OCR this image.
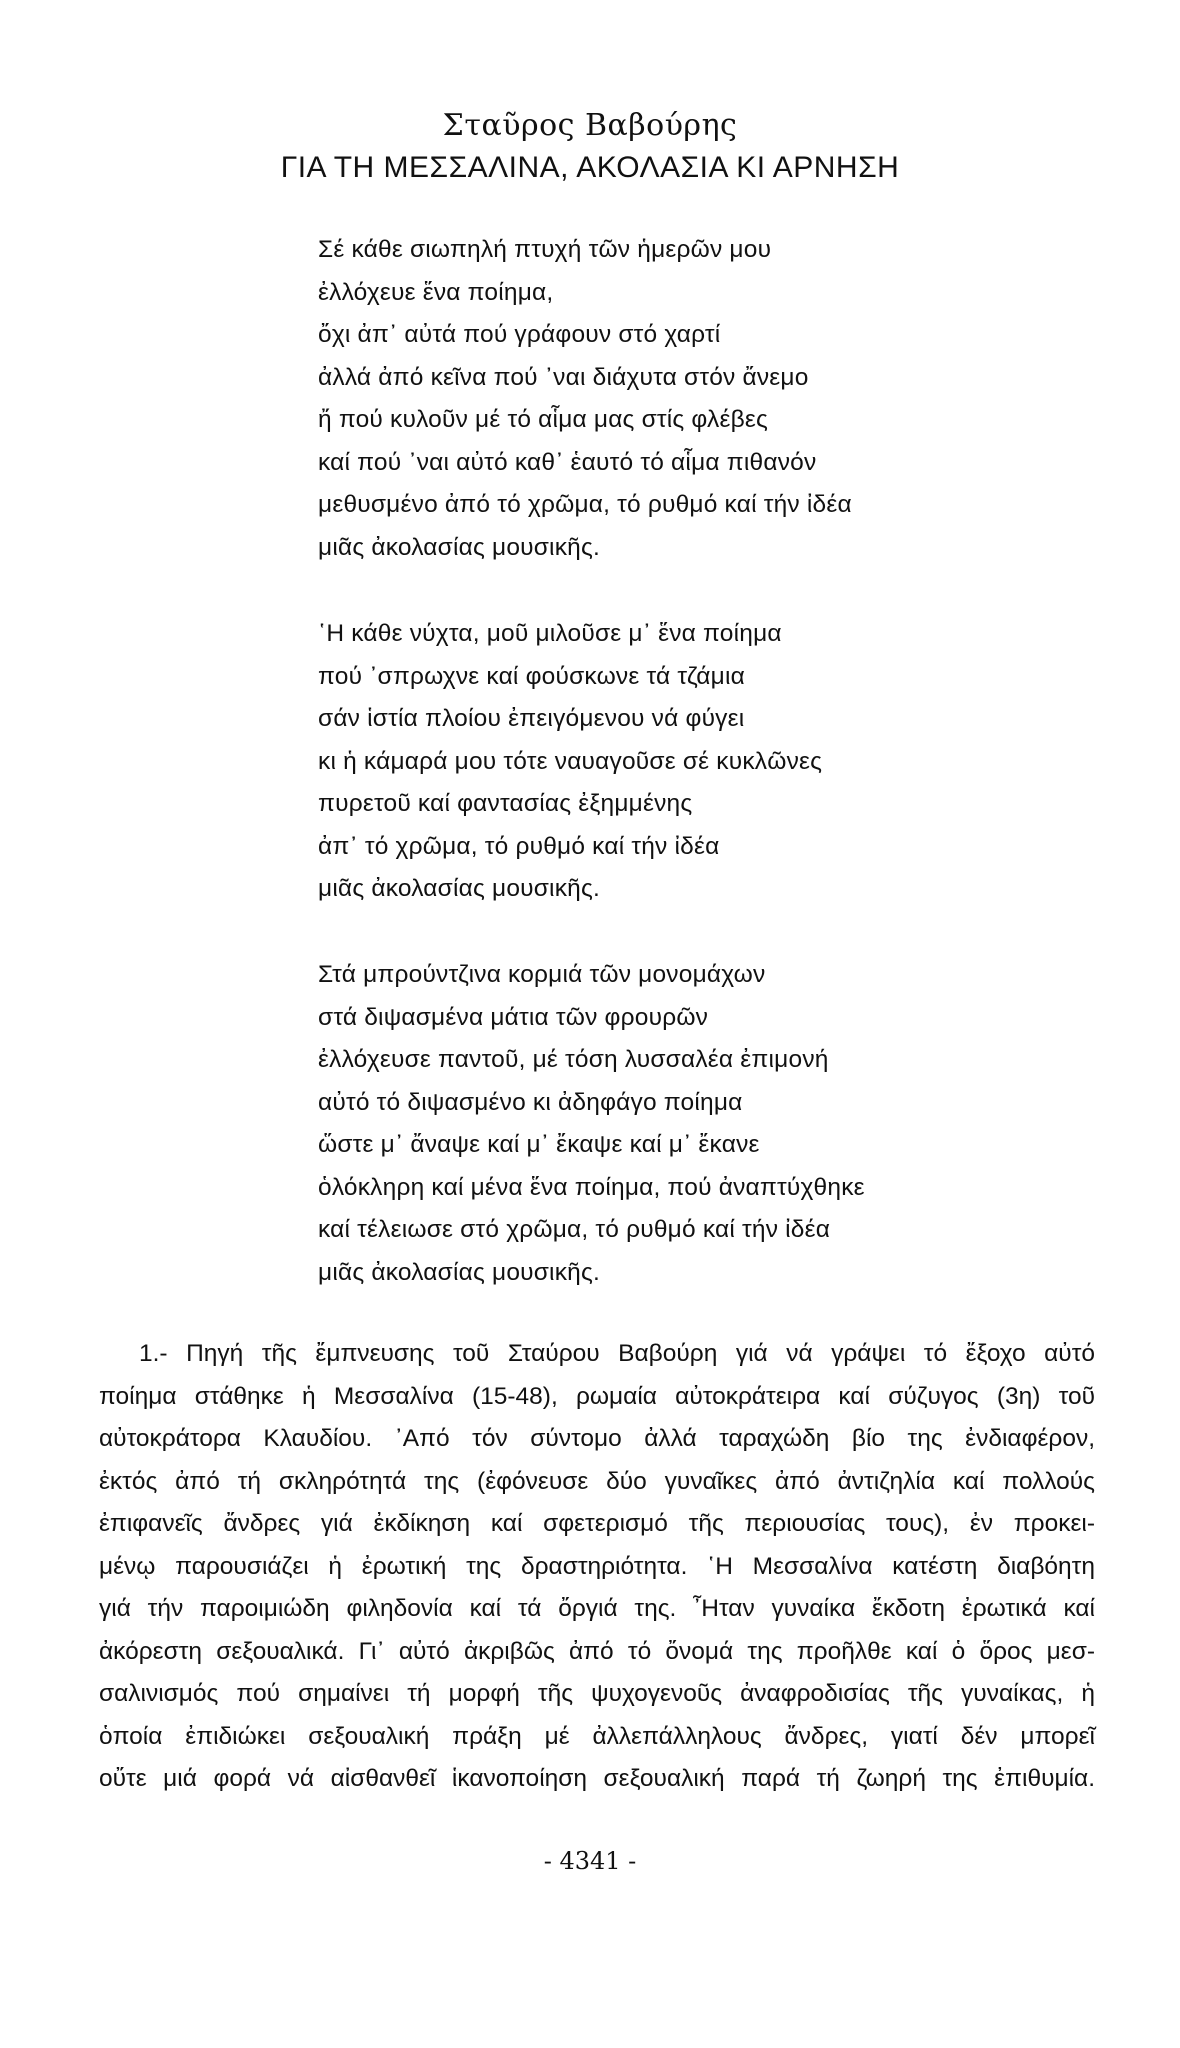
Σταῦρος Βαβούρης
ΓΙΑ ΤΗ ΜΕΣΣΑΛΙΝΑ, ΑΚΟΛΑΣΙΑ ΚΙ ΑΡΝΗΣΗ
Σέ κάθε σιωπηλή πτυχή τῶν ἡμερῶν μου
ἐλλόχευε ἕνα ποίημα,
ὄχι ἀπ᾽ αὐτά πού γράφουν στό χαρτί
ἀλλά ἀπό κεῖνα πού ᾽ναι διάχυτα στόν ἄνεμο
ἤ πού κυλοῦν μέ τό αἷμα μας στίς φλέβες
καί πού ᾽ναι αὐτό καθ᾽ ἑαυτό τό αἷμα πιθανόν
μεθυσμένο ἀπό τό χρῶμα, τό ρυθμό καί τήν ἰδέα
μιᾶς ἀκολασίας μουσικῆς.
῾Η κάθε νύχτα, μοῦ μιλοῦσε μ᾽ ἕνα ποίημα
πού ᾽σπρωχνε καί φούσκωνε τά τζάμια
σάν ἱστία πλοίου ἐπειγόμενου νά φύγει
κι ἡ κάμαρά μου τότε ναυαγοῦσε σέ κυκλῶνες
πυρετοῦ καί φαντασίας ἐξημμένης
ἀπ᾽ τό χρῶμα, τό ρυθμό καί τήν ἰδέα
μιᾶς ἀκολασίας μουσικῆς.
Στά μπρούντζινα κορμιά τῶν μονομάχων
στά διψασμένα μάτια τῶν φρουρῶν
ἐλλόχευσε παντοῦ, μέ τόση λυσσαλέα ἐπιμονή
αὐτό τό διψασμένο κι ἀδηφάγο ποίημα
ὥστε μ᾽ ἄναψε καί μ᾽ ἔκαψε καί μ᾽ ἔκανε
ὁλόκληρη καί μένα ἕνα ποίημα, πού ἀναπτύχθηκε
καί τέλειωσε στό χρῶμα, τό ρυθμό καί τήν ἰδέα
μιᾶς ἀκολασίας μουσικῆς.
1.- Πηγή τῆς ἔμπνευσης τοῦ Σταύρου Βαβούρη γιά νά γράψει τό ἔξοχο αὐτό
ποίημα στάθηκε ἡ Μεσσαλίνα (15-48), ρωμαία αὐτοκράτειρα καί σύζυγος (3η) τοῦ
αὐτοκράτορα Κλαυδίου. ᾽Από τόν σύντομο ἀλλά ταραχώδη βίο της ἐνδιαφέρον,
ἐκτός ἀπό τή σκληρότητά της (ἐφόνευσε δύο γυναῖκες ἀπό ἀντιζηλία καί πολλούς
ἐπιφανεῖς ἄνδρες γιά ἐκδίκηση καί σφετερισμό τῆς περιουσίας τους), ἐν προκει-
μένῳ παρουσιάζει ἡ ἐρωτική της δραστηριότητα. ῾Η Μεσσαλίνα κατέστη διαβόητη
γιά τήν παροιμιώδη φιληδονία καί τά ὄργιά της. ῏Ηταν γυναίκα ἔκδοτη ἐρωτικά καί
ἀκόρεστη σεξουαλικά. Γι᾽ αὐτό ἀκριβῶς ἀπό τό ὄνομά της προῆλθε καί ὁ ὅρος μεσ-
σαλινισμός πού σημαίνει τή μορφή τῆς ψυχογενοῦς ἀναφροδισίας τῆς γυναίκας, ἡ
ὁποία ἐπιδιώκει σεξουαλική πράξη μέ ἀλλεπάλληλους ἄνδρες, γιατί δέν μπορεῖ
οὔτε μιά φορά νά αἰσθανθεῖ ἱκανοποίηση σεξουαλική παρά τή ζωηρή της ἐπιθυμία.
- 4341 -
